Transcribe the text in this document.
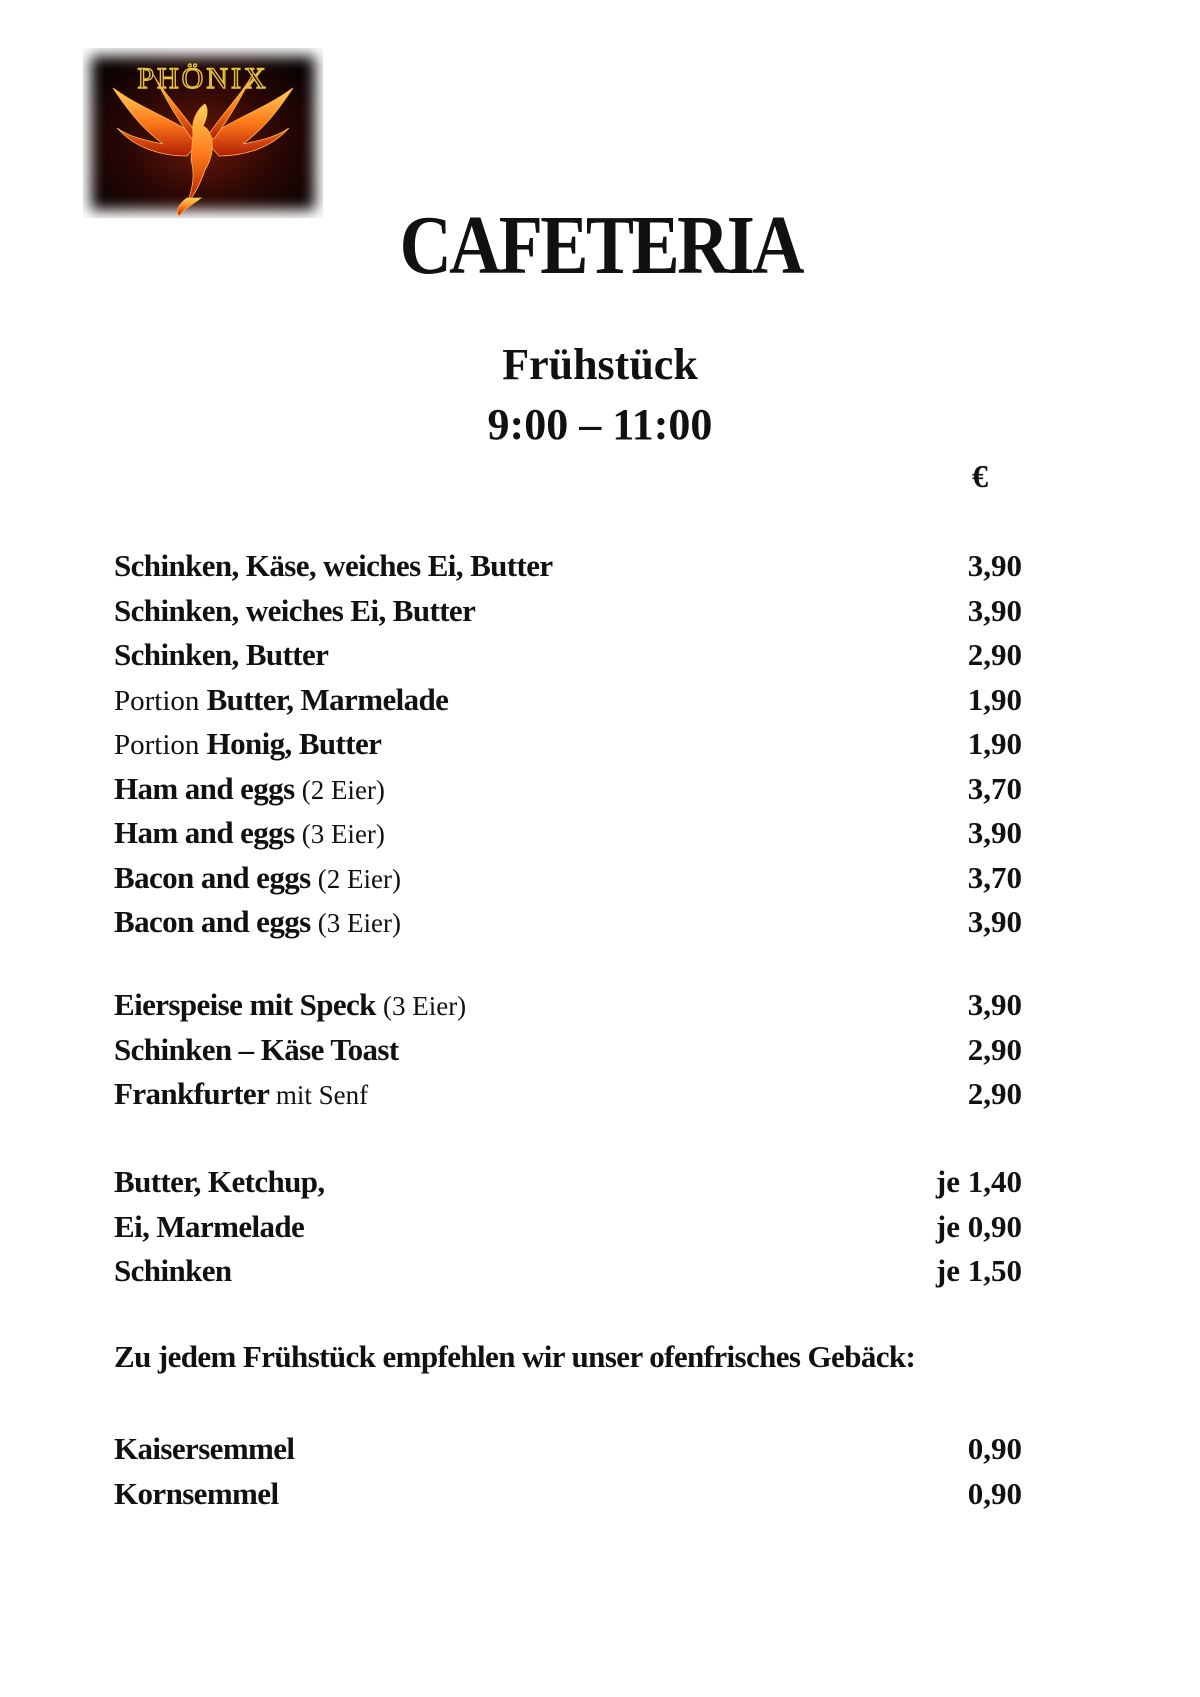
PHÖNIX
CAFETERIA
Frühstück
9:00 – 11:00
€
Schinken, Käse, weiches Ei, Butter	3,90
Schinken, weiches Ei, Butter	3,90
Schinken, Butter	2,90
Portion Butter, Marmelade	1,90
Portion Honig, Butter	1,90
Ham and eggs (2 Eier)	3,70
Ham and eggs (3 Eier)	3,90
Bacon and eggs (2 Eier)	3,70
Bacon and eggs (3 Eier)	3,90
Eierspeise mit Speck (3 Eier)	3,90
Schinken – Käse Toast	2,90
Frankfurter mit Senf	2,90
Butter, Ketchup,	je 1,40
Ei, Marmelade	je 0,90
Schinken	je 1,50
Kaisersemmel	0,90
Kornsemmel	0,90
Zu jedem Frühstück empfehlen wir unser ofenfrisches Gebäck:
